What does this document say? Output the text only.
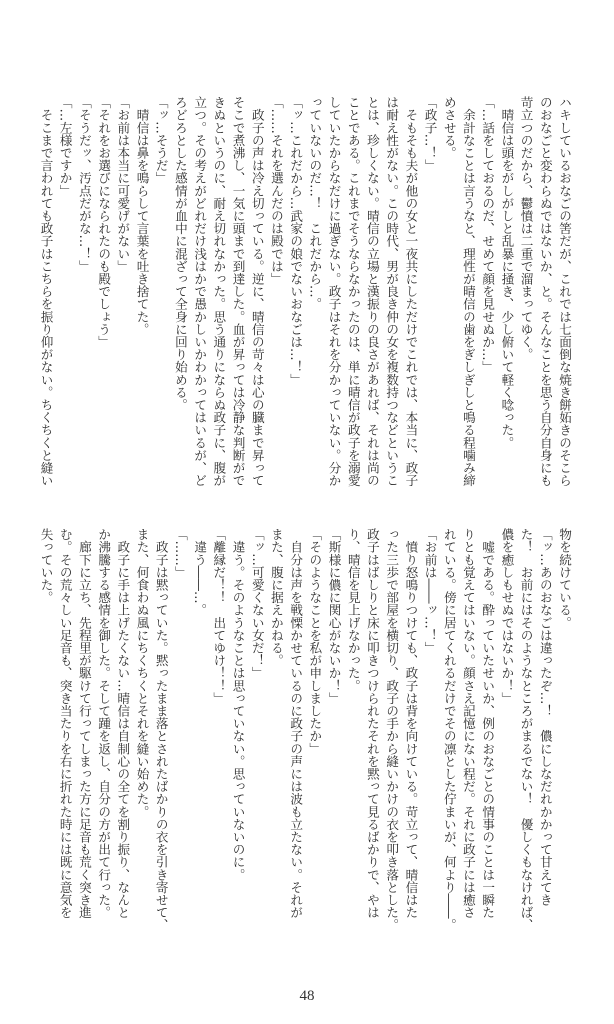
ハキしているおなごの筈だが、これでは七面倒な焼き餅妬きのそこら
のおなごと変わらぬではないか、と。そんなことを思う自分自身にも
苛立つのだから、鬱憤は二重で溜まってゆく。
　晴信は頭をがしがしと乱暴に掻き、少し俯いて軽く唸った。
「…話をしておるのだ、せめて顔を見せぬか…」
　余計なことは言うなと、理性が晴信の歯をぎしぎしと鳴る程噛み締
めさせる。
「政子…！」
　そもそも夫が他の女と一夜共にしただけでこれでは、本当に、政子
は耐え性がない。この時代、男が良き仲の女を複数持つなどというこ
とは、珍しくない。晴信の立場と漢振りの良さがあれば、それは尚の
ことである。これまでそうならなかったのは、単に晴信が政子を溺愛
していたからなだけに過ぎない。政子はそれを分かっていない。分か
っていないのだ…！　これだから…。
「ッ…これだから…武家の娘でないおなごは…！」
「……それを選んだのは殿では」
　政子の声は冷え切っている。逆に、晴信の苛々は心の臓まで昇って
そこで煮沸し、一気に頭まで到達した。血が昇っては冷静な判断がで
きぬというのに、耐え切れなかった。思う通りにならぬ政子に、腹が
立つ。その考えがどれだけ浅はかで愚かしいかわかってはいるが、ど
ろどろとした感情が血中に混ざって全身に回り始める。
「ッ…そうだ」
　晴信は鼻を鳴らして言葉を吐き捨てた。
「お前は本当に可愛げがない」
「それをお選びになられたのも殿でしょう」
「そうだッ、汚点だがな…！」
「…左様ですか」
　そこまで言われても政子はこちらを振り仰がない。ちくちくと縫い
物を続けている。
「ッ…あのおなごは違ったぞ…！　儂にしなだれかかって甘えてき
た！　お前にはそのようなところがまるでない！　優しくもなければ、
儂を癒しもせぬではないか！」
　嘘である。酔っていたせいか、例のおなごとの情事のことは一瞬た
りとも覚えてはいない。顔さえ記憶にない程だ。それに政子には癒さ
れている。傍に居てくれるだけでその凛とした佇まいが、何より――。
「お前は――ッ…！」
　憤り怒鳴りつけても、政子は背を向けている。苛立って、晴信はた
った三歩で部屋を横切り、政子の手から縫いかけの衣を叩き落とした。
政子はばしりと床に叩きつけられたそれを黙って見るばかりで、やは
り、晴信を見上げなかった。
「斯様に儂に関心がないか！」
「そのようなことを私が申しましたか」
　自分は声を戦慄かせているのに政子の声には波も立たない。それが
また、腹に据えかねる。
「ッ…可愛くない女だ！」
　違う。そのようなことは思っていない。思っていないのに。
「離縁だ！！　出てゆけ！！」
　違う――…。
「……」
　政子は黙っていた。黙ったまま落とされたばかりの衣を引き寄せて、
また、何食わぬ風にちくちくとそれを縫い始めた。
　政子に手は上げたくない…晴信は自制心の全てを割り振り、なんと
か沸騰する感情を御した。そして踵を返し、自分の方が出て行った。
　廊下に立ち、先程里が駆けて行ってしまった方に足音も荒く突き進
む。その荒々しい足音も、突き当たりを右に折れた時には既に意気を
失っていた。
48
